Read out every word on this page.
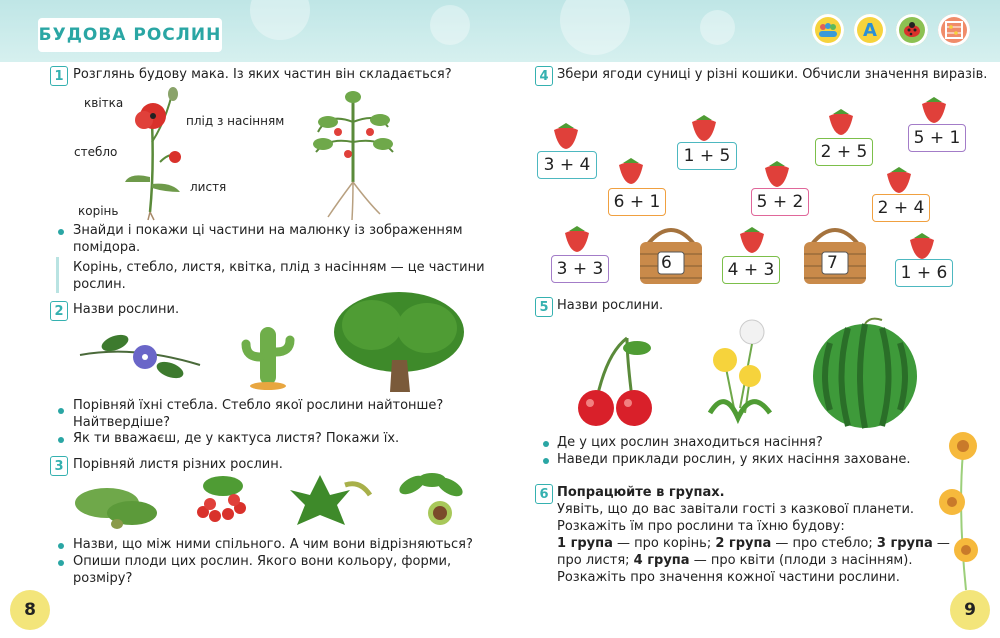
БУДОВА РОСЛИН	A
1 Розглянь будову мака. Із яких частин він складається?
квітка
плід з насінням
стебло
листя
корінь
Знайди і покажи ці частини на малюнку із зображенням
помідора.
Корінь, стебло, листя, квітка, плід з насінням — це частини
рослин.
2 Назви рослини.
Порівняй їхні стебла. Стебло якої рослини найтонше?
Найтвердіше?
Як ти вважаєш, де у кактуса листя? Покажи їх.
3 Порівняй листя різних рослин.
Назви, що між ними спільного. А чим вони відрізняються?
Опиши плоди цих рослин. Якого вони кольору, форми,
розміру?
4 Збери ягоди суниці у різні кошики. Обчисли значення виразів.
3 + 4	1 + 5	2 + 5
5 + 1
6 + 1	5 + 2	2 + 4
3 + 3	4 + 3	1 + 6
6	7
5 Назви рослини.
Де у цих рослин знаходиться насіння?
Наведи приклади рослин, у яких насіння заховане.
6 Попрацюйте в групах.
Уявіть, що до вас завітали гості з казкової планети.
Розкажіть їм про рослини та їхню будову:
1 група — про корінь; 2 група — про стебло; 3 група —
про листя; 4 група — про квіти (плоди з насінням).
Розкажіть про значення кожної частини рослини.
8	9
